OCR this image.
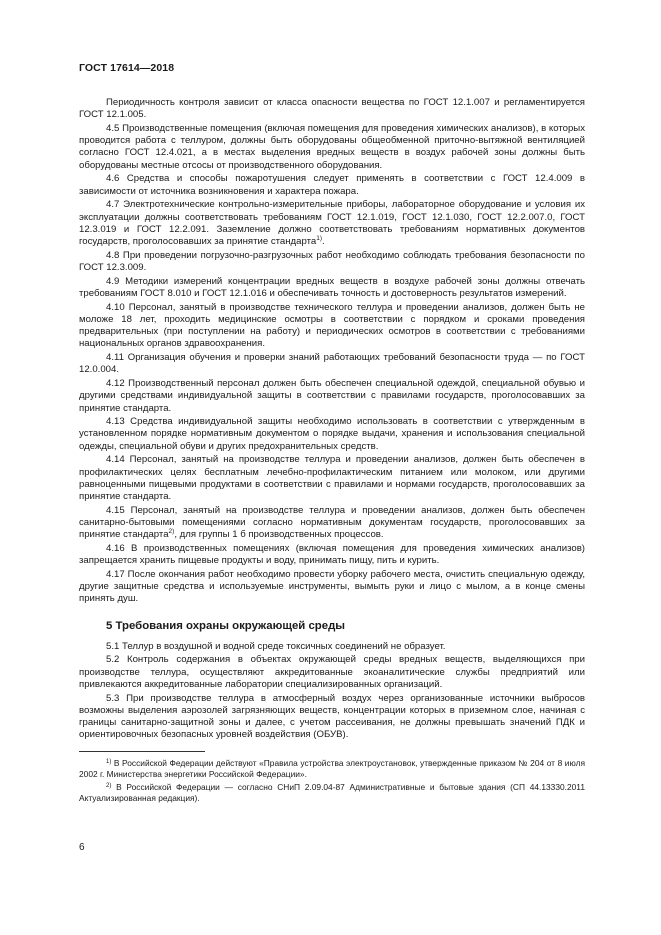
ГОСТ 17614—2018

Периодичность контроля зависит от класса опасности вещества по ГОСТ 12.1.007 и регламентируется ГОСТ 12.1.005.

4.5 Производственные помещения (включая помещения для проведения химических анализов), в которых проводится работа с теллуром, должны быть оборудованы общеобменной приточно-вытяжной вентиляцией согласно ГОСТ 12.4.021, а в местах выделения вредных веществ в воздух рабочей зоны должны быть оборудованы местные отсосы от производственного оборудования.

4.6 Средства и способы пожаротушения следует применять в соответствии с ГОСТ 12.4.009 в зависимости от источника возникновения и характера пожара.

4.7 Электротехнические контрольно-измерительные приборы, лабораторное оборудование и условия их эксплуатации должны соответствовать требованиям ГОСТ 12.1.019, ГОСТ 12.1.030, ГОСТ 12.2.007.0, ГОСТ 12.3.019 и ГОСТ 12.2.091. Заземление должно соответствовать требованиям нормативных документов государств, проголосовавших за принятие стандарта$^{1)}$.

4.8 При проведении погрузочно-разгрузочных работ необходимо соблюдать требования безопасности по ГОСТ 12.3.009.

4.9 Методики измерений концентрации вредных веществ в воздухе рабочей зоны должны отвечать требованиям ГОСТ 8.010 и ГОСТ 12.1.016 и обеспечивать точность и достоверность результатов измерений.

4.10 Персонал, занятый в производстве технического теллура и проведении анализов, должен быть не моложе 18 лет, проходить медицинские осмотры в соответствии с порядком и сроками проведения предварительных (при поступлении на работу) и периодических осмотров в соответствии с требованиями национальных органов здравоохранения.

4.11 Организация обучения и проверки знаний работающих требований безопасности труда — по ГОСТ 12.0.004.

4.12 Производственный персонал должен быть обеспечен специальной одеждой, специальной обувью и другими средствами индивидуальной защиты в соответствии с правилами государств, проголосовавших за принятие стандарта.

4.13 Средства индивидуальной защиты необходимо использовать в соответствии с утвержденным в установленном порядке нормативным документом о порядке выдачи, хранения и использования специальной одежды, специальной обуви и других предохранительных средств.

4.14 Персонал, занятый на производстве теллура и проведении анализов, должен быть обеспечен в профилактических целях бесплатным лечебно-профилактическим питанием или молоком, или другими равноценными пищевыми продуктами в соответствии с правилами и нормами государств, проголосовавших за принятие стандарта.

4.15 Персонал, занятый на производстве теллура и проведении анализов, должен быть обеспечен санитарно-бытовыми помещениями согласно нормативным документам государств, проголосовавших за принятие стандарта$^{2)}$, для группы 1 б производственных процессов.

4.16 В производственных помещениях (включая помещения для проведения химических анализов) запрещается хранить пищевые продукты и воду, принимать пищу, пить и курить.

4.17 После окончания работ необходимо провести уборку рабочего места, очистить специальную одежду, другие защитные средства и используемые инструменты, вымыть руки и лицо с мылом, а в конце смены принять душ.

5 Требования охраны окружающей среды

5.1 Теллур в воздушной и водной среде токсичных соединений не образует.

5.2 Контроль содержания в объектах окружающей среды вредных веществ, выделяющихся при производстве теллура, осуществляют аккредитованные экоаналитические службы предприятий или привлекаются аккредитованные лаборатории специализированных организаций.

5.3 При производстве теллура в атмосферный воздух через организованные источники выбросов возможны выделения аэрозолей загрязняющих веществ, концентрации которых в приземном слое, начиная с границы санитарно-защитной зоны и далее, с учетом рассеивания, не должны превышать значений ПДК и ориентировочных безопасных уровней воздействия (ОБУВ).

$^{1)}$ В Российской Федерации действуют «Правила устройства электроустановок, утвержденные приказом № 204 от 8 июля 2002 г. Министерства энергетики Российской Федерации».
$^{2)}$ В Российской Федерации — согласно СНиП 2.09.04-87 Административные и бытовые здания (СП 44.13330.2011 Актуализированная редакция).
6
